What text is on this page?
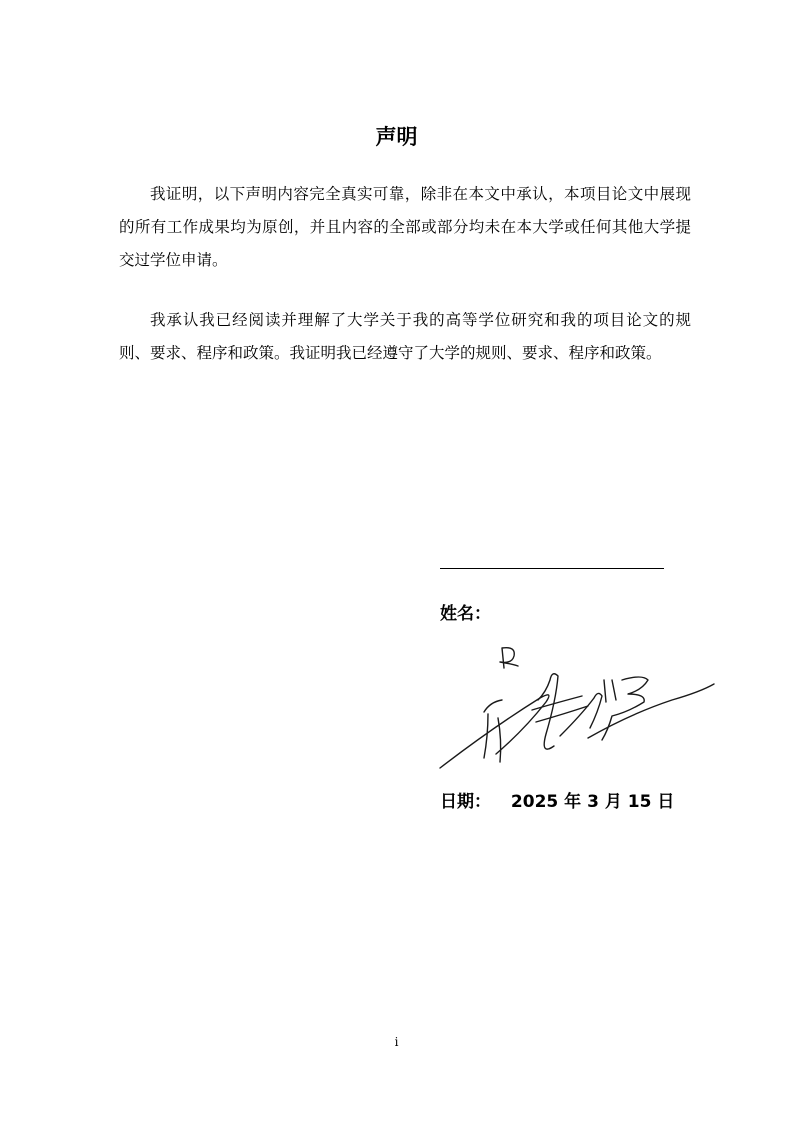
声明

我证明，以下声明内容完全真实可靠，除非在本文中承认，本项目论文中展现的所有工作成果均为原创，并且内容的全部或部分均未在本大学或任何其他大学提交过学位申请。

我承认我已经阅读并理解了大学关于我的高等学位研究和我的项目论文的规则、要求、程序和政策。我证明我已经遵守了大学的规则、要求、程序和政策。

姓名：
日期： 2025 年 3 月 15 日
i
